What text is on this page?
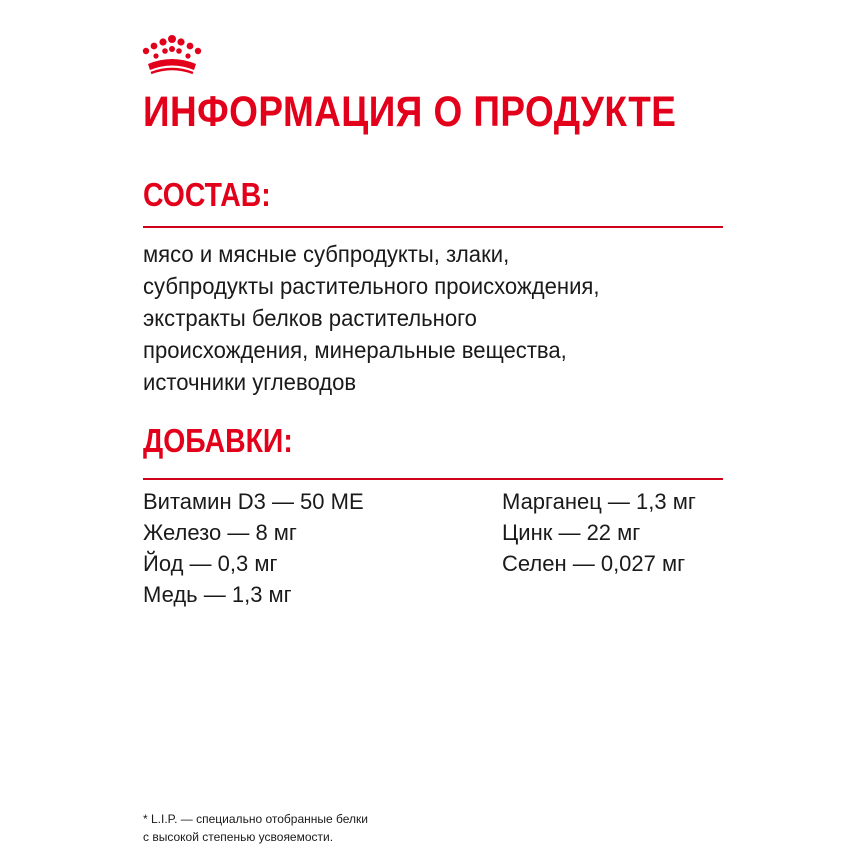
ИНФОРМАЦИЯ О ПРОДУКТЕ
СОСТАВ:
мясо и мясные субпродукты, злаки,
субпродукты растительного происхождения,
экстракты белков растительного
происхождения, минеральные вещества,
источники углеводов
ДОБАВКИ:
Витамин D3 — 50 МЕ
Железо — 8 мг
Йод — 0,3 мг
Медь — 1,3 мг
Марганец — 1,3 мг
Цинк — 22 мг
Селен — 0,027 мг
* L.I.P. — специально отобранные белки
с высокой степенью усвояемости.
